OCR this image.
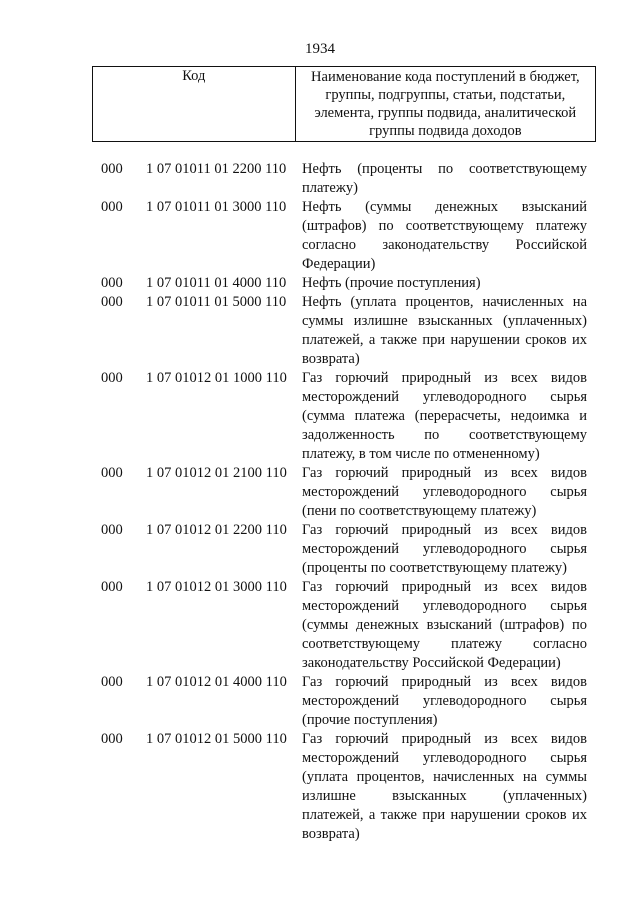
1934
Код	Наименование кода поступлений в бюджет,
группы, подгруппы, статьи, подстатьи,
элемента, группы подвида, аналитической
группы подвида доходов
000	1 07 01011 01 2200 110	Нефть (проценты по соответствующему
платежу)
000	1 07 01011 01 3000 110	Нефть (суммы денежных взысканий
(штрафов) по соответствующему платежу
согласно законодательству Российской
Федерации)
000	1 07 01011 01 4000 110	Нефть (прочие поступления)
000	1 07 01011 01 5000 110	Нефть (уплата процентов, начисленных на
суммы излишне взысканных (уплаченных)
платежей, а также при нарушении сроков их
возврата)
000	1 07 01012 01 1000 110	Газ горючий природный из всех видов
месторождений углеводородного сырья
(сумма платежа (перерасчеты, недоимка и
задолженность по соответствующему
платежу, в том числе по отмененному)
000	1 07 01012 01 2100 110	Газ горючий природный из всех видов
месторождений углеводородного сырья
(пени по соответствующему платежу)
000	1 07 01012 01 2200 110	Газ горючий природный из всех видов
месторождений углеводородного сырья
(проценты по соответствующему платежу)
000	1 07 01012 01 3000 110	Газ горючий природный из всех видов
месторождений углеводородного сырья
(суммы денежных взысканий (штрафов) по
соответствующему платежу согласно
законодательству Российской Федерации)
000	1 07 01012 01 4000 110	Газ горючий природный из всех видов
месторождений углеводородного сырья
(прочие поступления)
000	1 07 01012 01 5000 110	Газ горючий природный из всех видов
месторождений углеводородного сырья
(уплата процентов, начисленных на суммы
излишне взысканных (уплаченных)
платежей, а также при нарушении сроков их
возврата)
